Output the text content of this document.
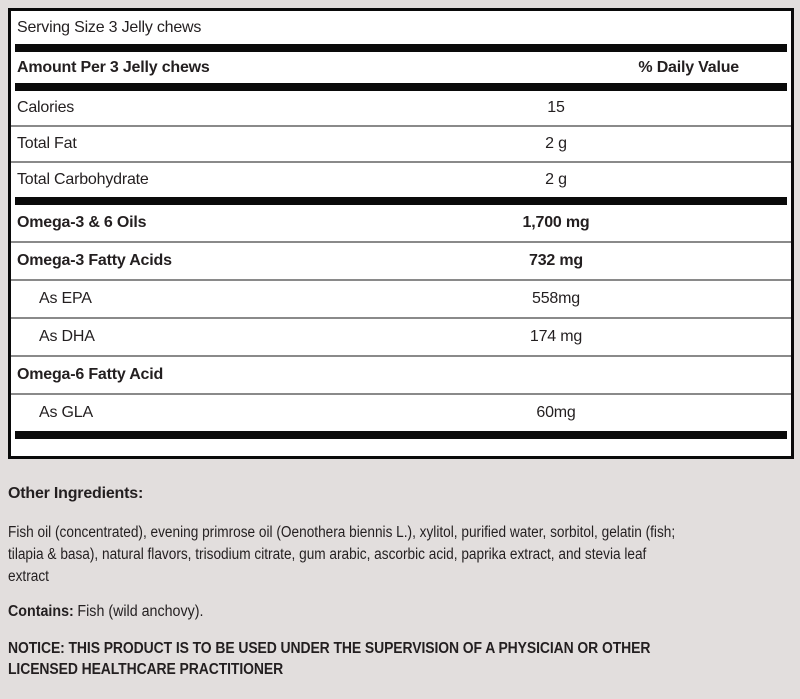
Serving Size 3 Jelly chews
Amount Per 3 Jelly chews	% Daily Value
Calories	15
Total Fat	2 g
Total Carbohydrate	2 g
Omega-3 & 6 Oils	1,700 mg
Omega-3 Fatty Acids	732 mg
As EPA	558mg
As DHA	174 mg
Omega-6 Fatty Acid
As GLA	60mg
Other Ingredients:
Fish oil (concentrated), evening primrose oil (Oenothera biennis L.), xylitol, purified water, sorbitol, gelatin (fish;
tilapia & basa), natural flavors, trisodium citrate, gum arabic, ascorbic acid, paprika extract, and stevia leaf
extract
Contains: Fish (wild anchovy).
NOTICE: THIS PRODUCT IS TO BE USED UNDER THE SUPERVISION OF A PHYSICIAN OR OTHER
LICENSED HEALTHCARE PRACTITIONER
